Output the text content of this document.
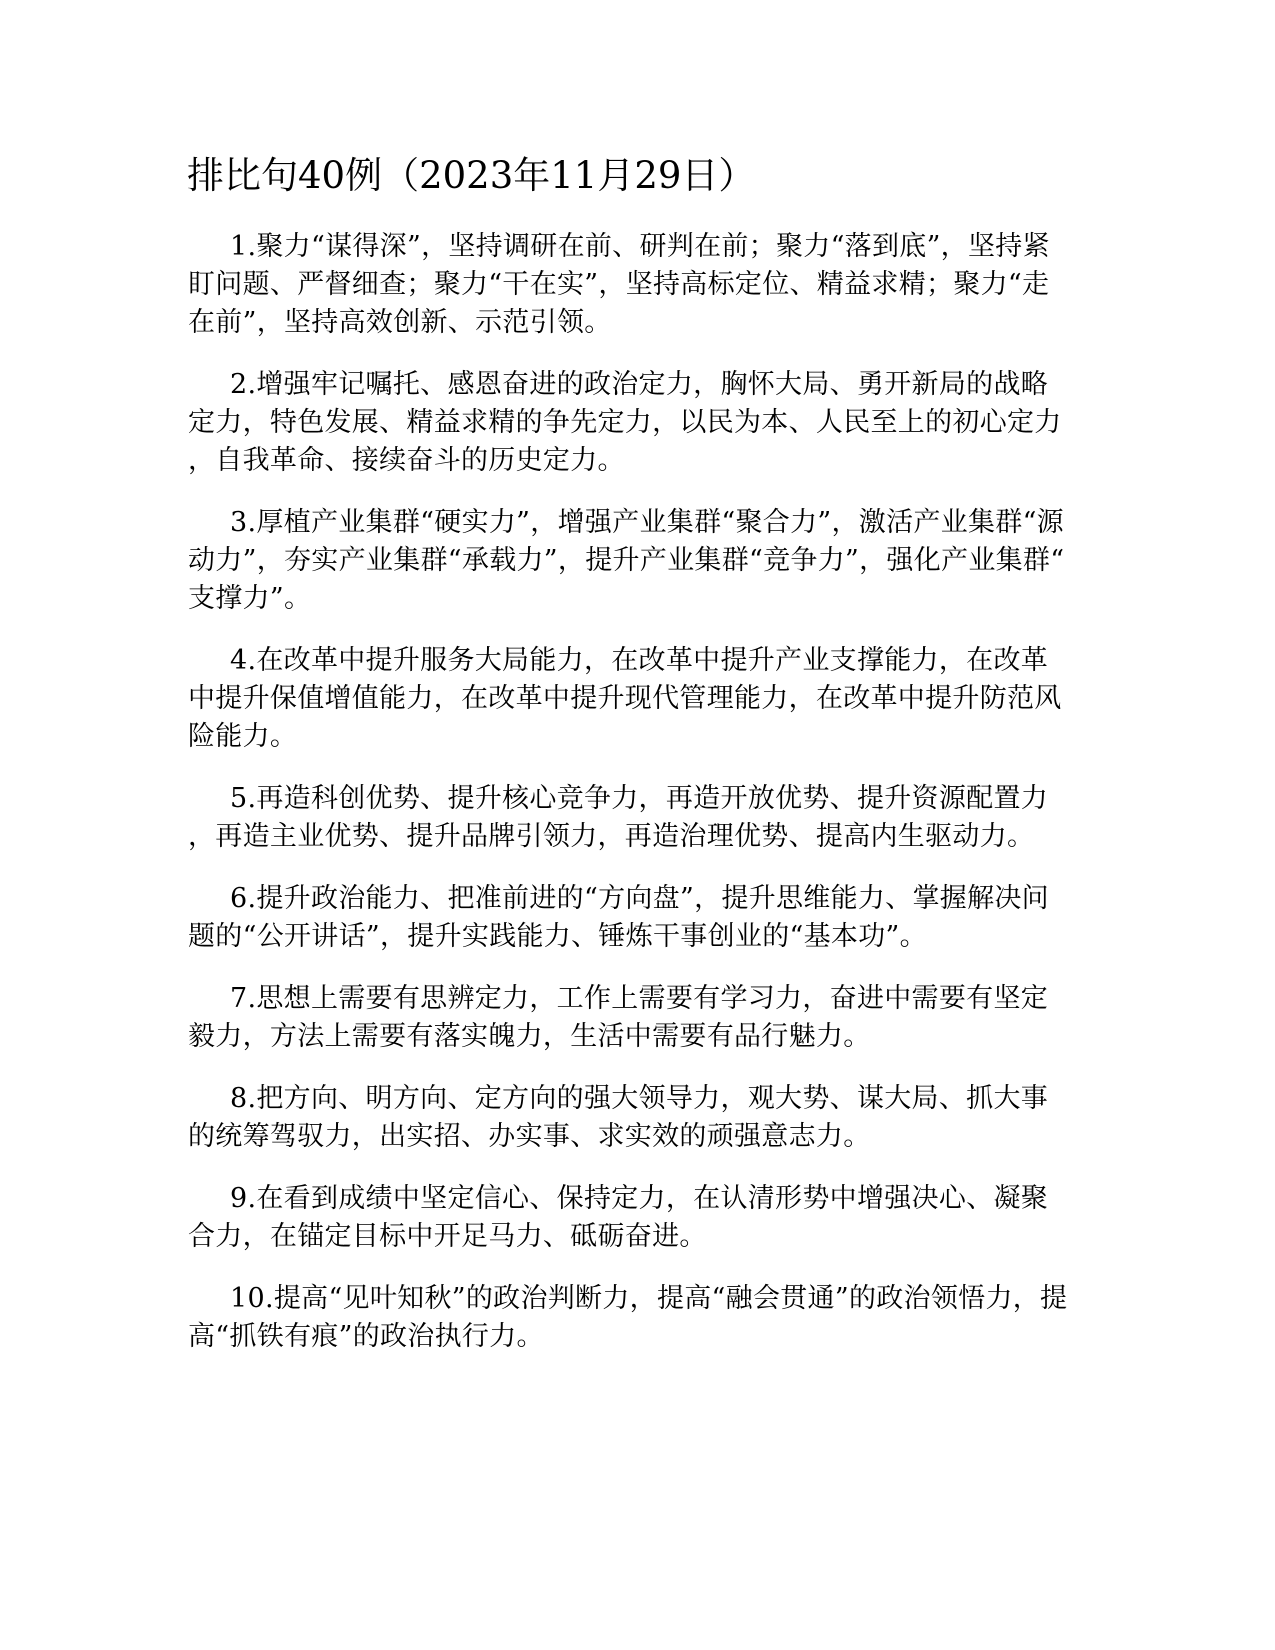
排比句40例（2023年11月29日）

1.聚力“谋得深”，坚持调研在前、研判在前；聚力“落到底”，坚持紧盯问题、严督细查；聚力“干在实”，坚持高标定位、精益求精；聚力“走在前”，坚持高效创新、示范引领。

2.增强牢记嘱托、感恩奋进的政治定力，胸怀大局、勇开新局的战略定力，特色发展、精益求精的争先定力，以民为本、人民至上的初心定力，自我革命、接续奋斗的历史定力。

3.厚植产业集群“硬实力”，增强产业集群“聚合力”，激活产业集群“源动力”，夯实产业集群“承载力”，提升产业集群“竞争力”，强化产业集群“支撑力”。

4.在改革中提升服务大局能力，在改革中提升产业支撑能力，在改革中提升保值增值能力，在改革中提升现代管理能力，在改革中提升防范风险能力。

5.再造科创优势、提升核心竞争力，再造开放优势、提升资源配置力，再造主业优势、提升品牌引领力，再造治理优势、提高内生驱动力。

6.提升政治能力、把准前进的“方向盘”，提升思维能力、掌握解决问题的“公开讲话”，提升实践能力、锤炼干事创业的“基本功”。

7.思想上需要有思辨定力，工作上需要有学习力，奋进中需要有坚定毅力，方法上需要有落实魄力，生活中需要有品行魅力。

8.把方向、明方向、定方向的强大领导力，观大势、谋大局、抓大事的统筹驾驭力，出实招、办实事、求实效的顽强意志力。

9.在看到成绩中坚定信心、保持定力，在认清形势中增强决心、凝聚合力，在锚定目标中开足马力、砥砺奋进。

10.提高“见叶知秋”的政治判断力，提高“融会贯通”的政治领悟力，提高“抓铁有痕”的政治执行力。
